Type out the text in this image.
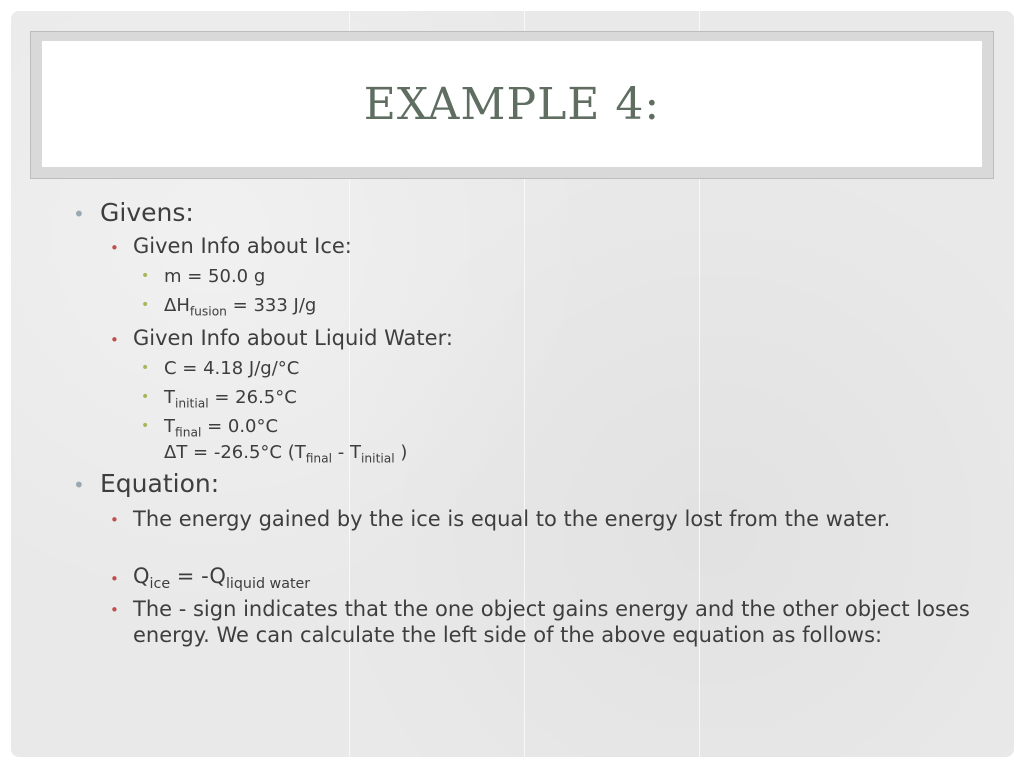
EXAMPLE 4:
• Givens:
• Given Info about Ice:
• m = 50.0 g
• $\Delta H_{fusion} = 333$ J/g
• Given Info about Liquid Water:
• C = 4.18 J/g/°C
• $T_{initial} = 26.5^\circ C$
• $T_{final} = 0.0^\circ C$
ΔT = -26.5°C ($T_{final} - T_{initial}$ )
• Equation:
• The energy gained by the ice is equal to the energy lost from the water.
• $Q_{ice} = -Q_{liquid water}$
• The - sign indicates that the one object gains energy and the other object loses energy. We can calculate the left side of the above equation as follows:
